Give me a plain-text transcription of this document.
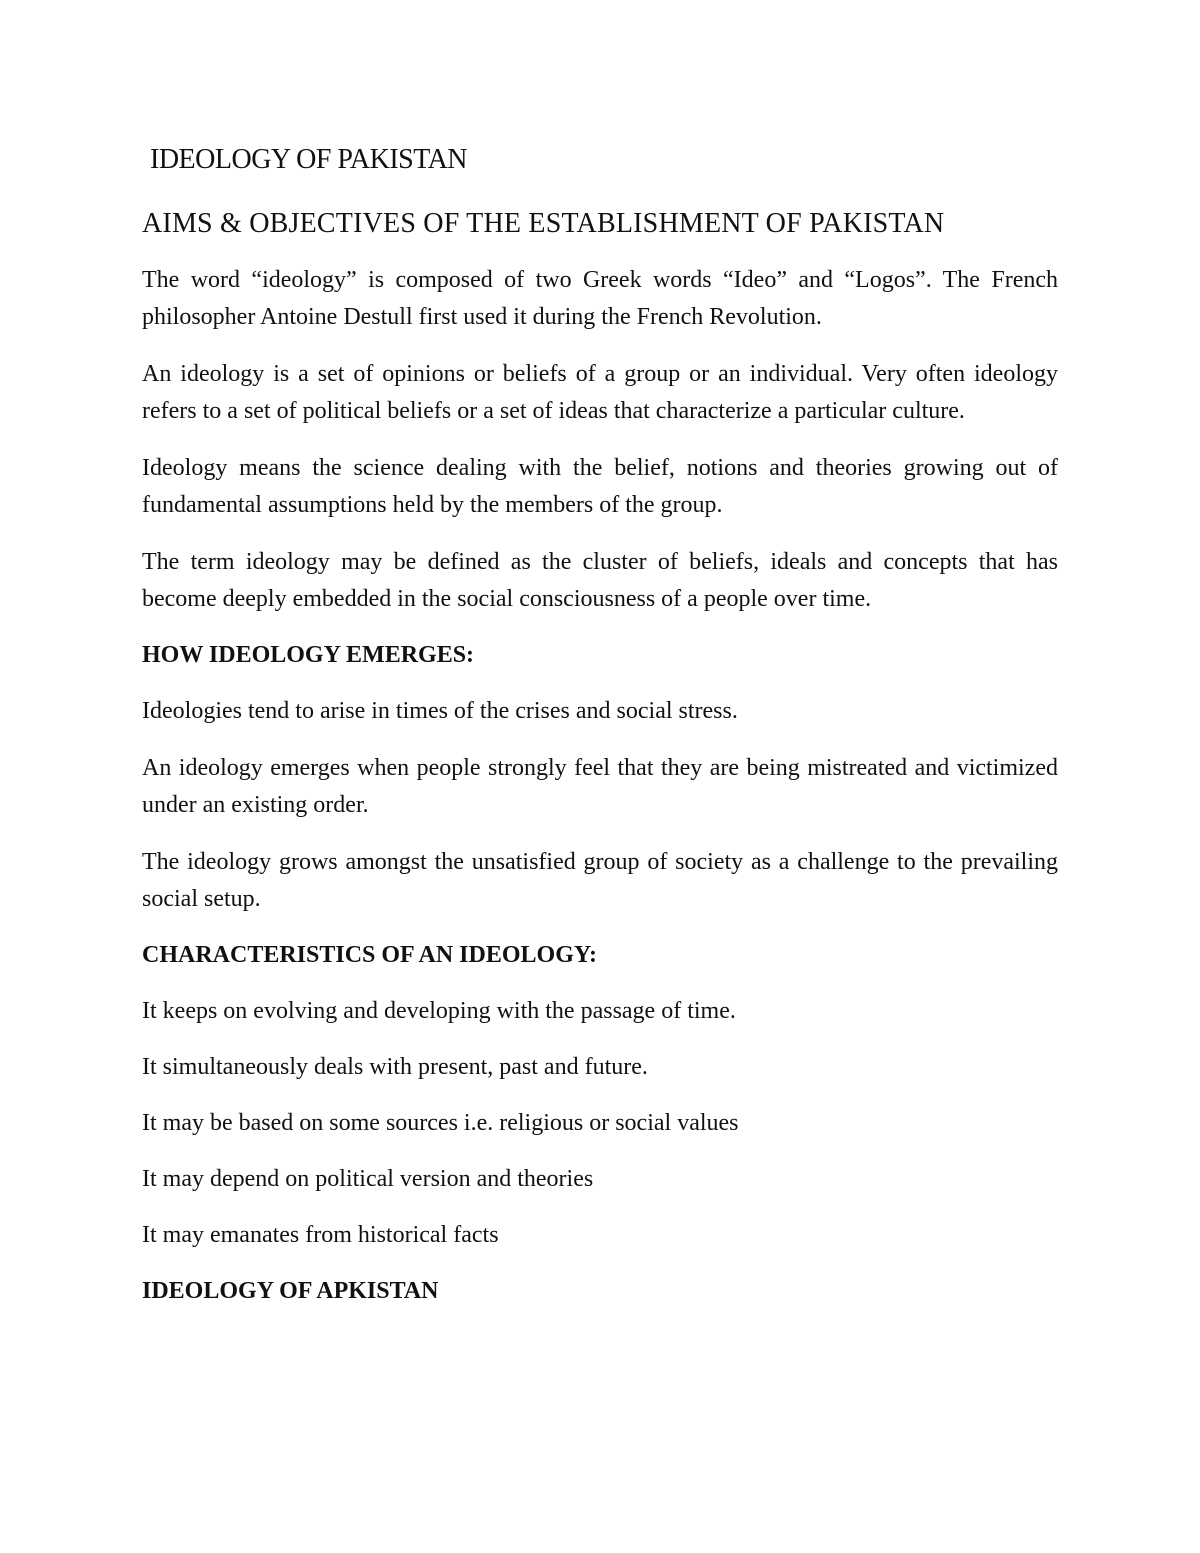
IDEOLOGY OF PAKISTAN
AIMS & OBJECTIVES OF THE ESTABLISHMENT OF PAKISTAN

The word “ideology” is composed of two Greek words “Ideo” and “Logos”. The French philosopher Antoine Destull first used it during the French Revolution.

An ideology is a set of opinions or beliefs of a group or an individual. Very often ideology refers to a set of political beliefs or a set of ideas that characterize a particular culture.

Ideology means the science dealing with the belief, notions and theories growing out of fundamental assumptions held by the members of the group.

The term ideology may be defined as the cluster of beliefs, ideals and concepts that has become deeply embedded in the social consciousness of a people over time.

HOW IDEOLOGY EMERGES:

Ideologies tend to arise in times of the crises and social stress.

An ideology emerges when people strongly feel that they are being mistreated and victimized under an existing order.

The ideology grows amongst the unsatisfied group of society as a challenge to the prevailing social setup.

CHARACTERISTICS OF AN IDEOLOGY:

It keeps on evolving and developing with the passage of time.

It simultaneously deals with present, past and future.

It may be based on some sources i.e. religious or social values

It may depend on political version and theories

It may emanates from historical facts

IDEOLOGY OF APKISTAN
